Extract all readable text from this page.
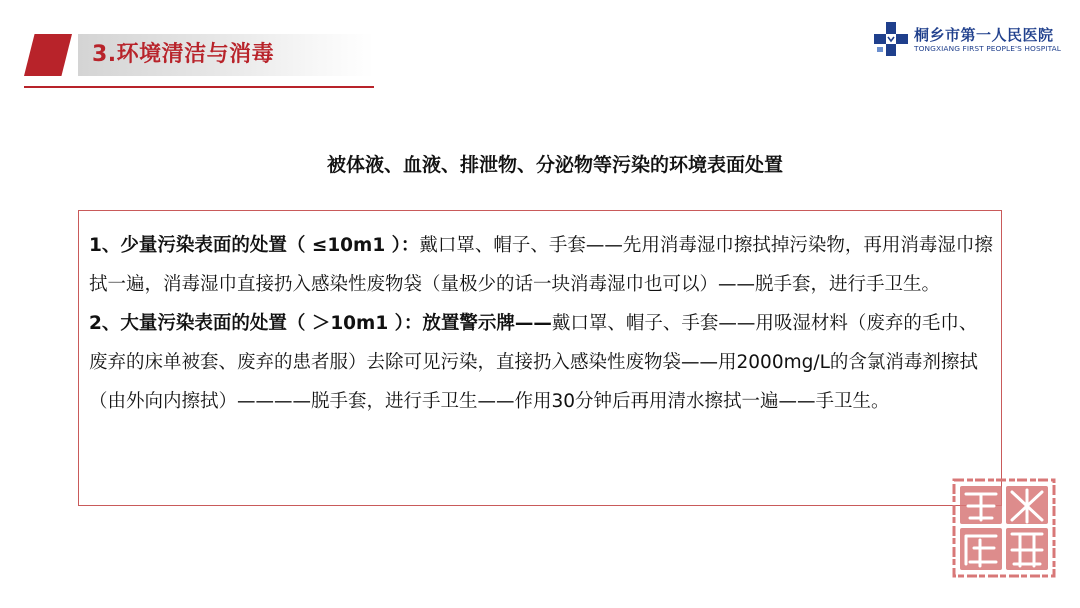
3.环境清洁与消毒
桐乡市第一人民医院
TONGXIANG FIRST PEOPLE'S HOSPITAL
被体液、血液、排泄物、分泌物等污染的环境表面处置
1、少量污染表面的处置（ ≤10m1 ）：戴口罩、帽子、手套——先用消毒湿巾擦拭掉污染物，再用消毒湿巾擦拭一遍，消毒湿巾直接扔入感染性废物袋（量极少的话一块消毒湿巾也可以）——脱手套，进行手卫生。
2、大量污染表面的处置（ ＞10m1 ）：放置警示牌——戴口罩、帽子、手套——用吸湿材料（废弃的毛巾、废弃的床单被套、废弃的患者服）去除可见污染，直接扔入感染性废物袋——用2000mg/L的含氯消毒剂擦拭（由外向内擦拭）————脱手套，进行手卫生——作用30分钟后再用清水擦拭一遍——手卫生。
